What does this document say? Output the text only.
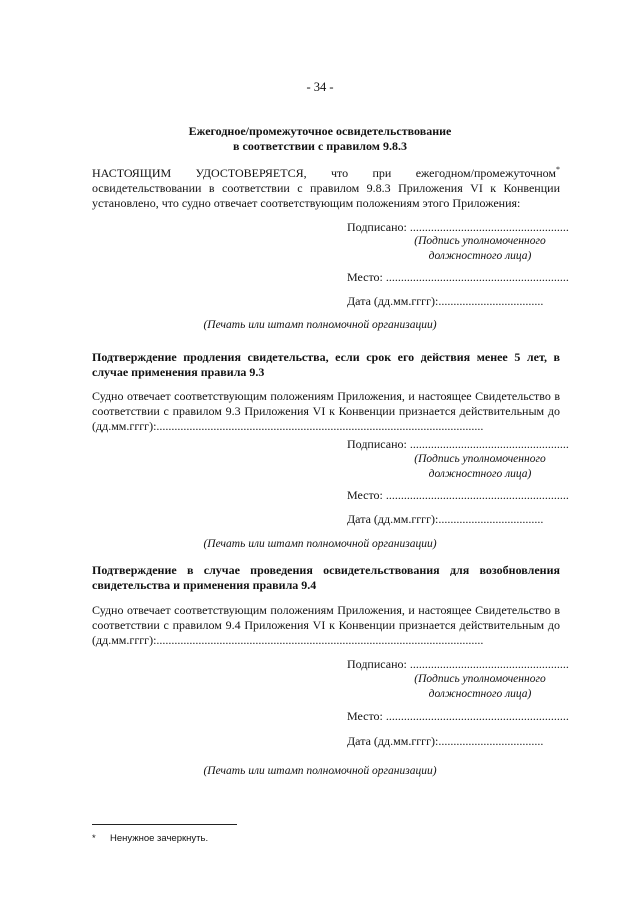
- 34 -
Ежегодное/промежуточное освидетельствование
в соответствии с правилом 9.8.3
НАСТОЯЩИМ УДОСТОВЕРЯЕТСЯ, что при ежегодном/промежуточном*
освидетельствовании в соответствии с правилом 9.8.3 Приложения VI к Конвенции
установлено, что судно отвечает соответствующим положениям этого Приложения:
Подписано: .....................................................
(Подпись уполномоченного должностного лица)
Место: .............................................................
Дата (дд.мм.гггг):...................................
(Печать или штамп полномочной организации)
Подтверждение продления свидетельства, если срок его действия менее 5 лет, в случае применения правила 9.3
Судно отвечает соответствующим положениям Приложения, и настоящее Свидетельство в
соответствии с правилом 9.3 Приложения VI к Конвенции признается действительным до
(дд.мм.гггг):.............................................................................................................
Подписано: .....................................................
(Подпись уполномоченного должностного лица)
Место: .............................................................
Дата (дд.мм.гггг):...................................
(Печать или штамп полномочной организации)
Подтверждение в случае проведения освидетельствования для возобновления свидетельства и применения правила 9.4
Судно отвечает соответствующим положениям Приложения, и настоящее Свидетельство в
соответствии с правилом 9.4 Приложения VI к Конвенции признается действительным до
(дд.мм.гггг):.............................................................................................................
Подписано: .....................................................
(Подпись уполномоченного должностного лица)
Место: .............................................................
Дата (дд.мм.гггг):...................................
(Печать или штамп полномочной организации)
* Ненужное зачеркнуть.
